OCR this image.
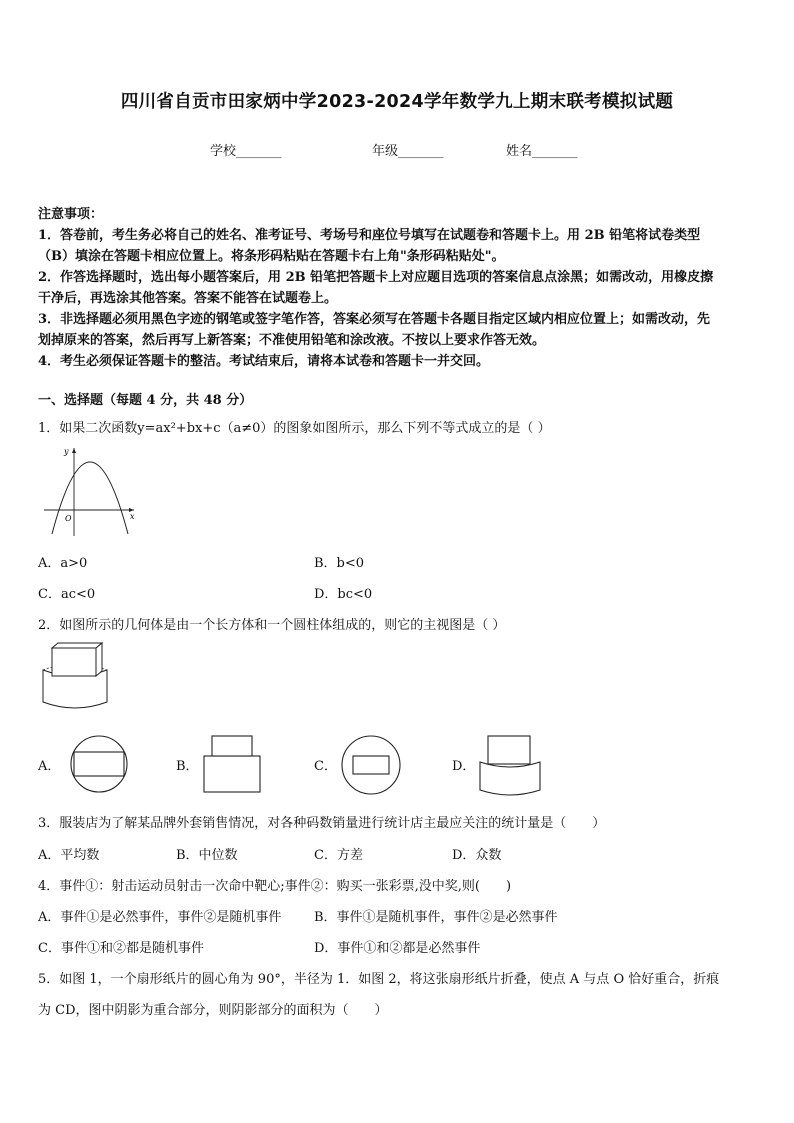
四川省自贡市田家炳中学2023-2024学年数学九上期末联考模拟试题
学校_______	年级_______	姓名_______
注意事项：
1．答卷前，考生务必将自己的姓名、准考证号、考场号和座位号填写在试题卷和答题卡上。用 2B 铅笔将试卷类型
（B）填涂在答题卡相应位置上。将条形码粘贴在答题卡右上角"条形码粘贴处"。
2．作答选择题时，选出每小题答案后，用 2B 铅笔把答题卡上对应题目选项的答案信息点涂黑；如需改动，用橡皮擦
干净后，再选涂其他答案。答案不能答在试题卷上。
3．非选择题必须用黑色字迹的钢笔或签字笔作答，答案必须写在答题卡各题目指定区域内相应位置上；如需改动，先
划掉原来的答案，然后再写上新答案；不准使用铅笔和涂改液。不按以上要求作答无效。
4．考生必须保证答题卡的整洁。考试结束后，请将本试卷和答题卡一并交回。
一、选择题（每题 4 分，共 48 分）
1．如果二次函数y=ax²+bx+c（a≠0）的图象如图所示，那么下列不等式成立的是（ ）
y
x
O
A．a>0	B．b<0
C．ac<0	D．bc<0
2．如图所示的几何体是由一个长方体和一个圆柱体组成的，则它的主视图是（ ）
A．	B．	C．	D．
3．服装店为了解某品牌外套销售情况，对各种码数销量进行统计店主最应关注的统计量是（　　）
A．平均数	B．中位数	C．方差	D．众数
4．事件①：射击运动员射击一次命中靶心;事件②：购买一张彩票,没中奖,则(　　)
A．事件①是必然事件，事件②是随机事件	B．事件①是随机事件，事件②是必然事件
C．事件①和②都是随机事件	D．事件①和②都是必然事件
5．如图 1，一个扇形纸片的圆心角为 90°，半径为 1．如图 2，将这张扇形纸片折叠，使点 A 与点 O 恰好重合，折痕
为 CD，图中阴影为重合部分，则阴影部分的面积为（　　）
